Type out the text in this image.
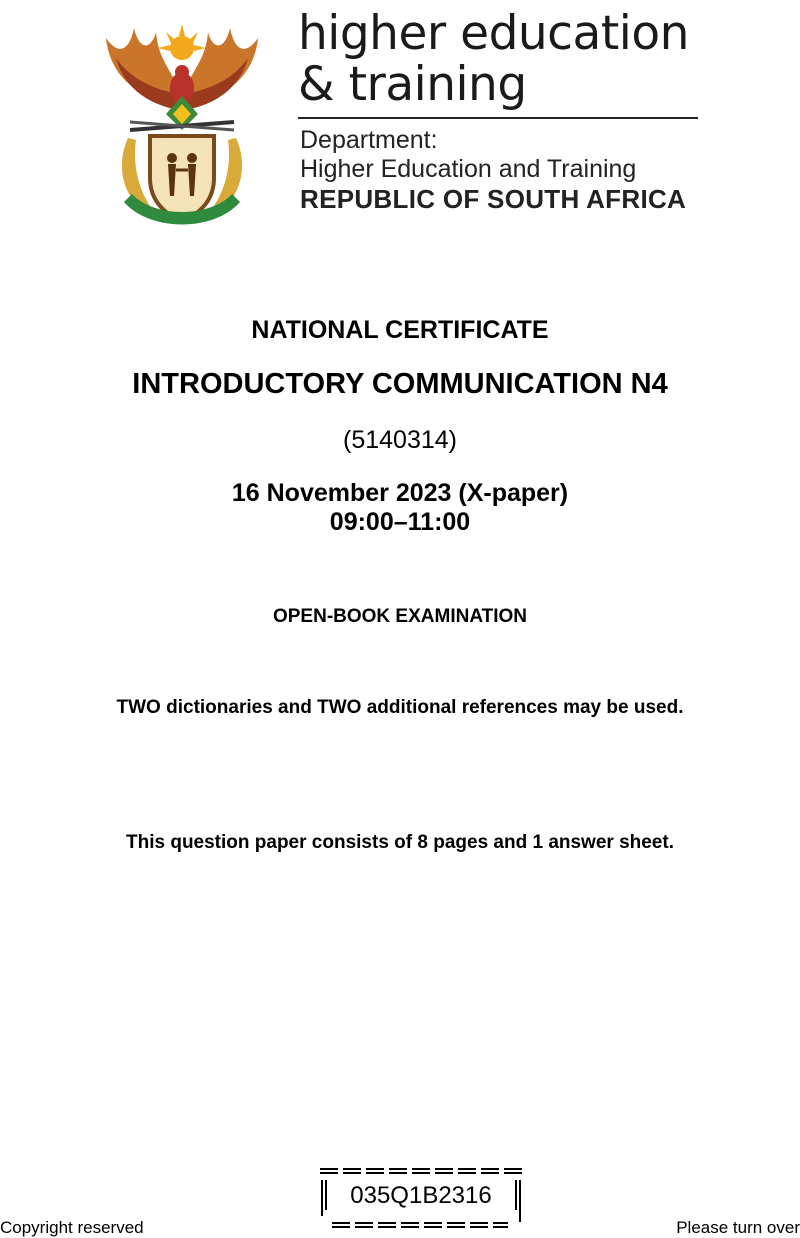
higher education
& training
Department:
Higher Education and Training
REPUBLIC OF SOUTH AFRICA
NATIONAL CERTIFICATE
INTRODUCTORY COMMUNICATION N4
(5140314)
16 November 2023 (X-paper)
09:00–11:00
OPEN-BOOK EXAMINATION
TWO dictionaries and TWO additional references may be used.
This question paper consists of 8 pages and 1 answer sheet.
035Q1B2316
Copyright reserved	Please turn over
